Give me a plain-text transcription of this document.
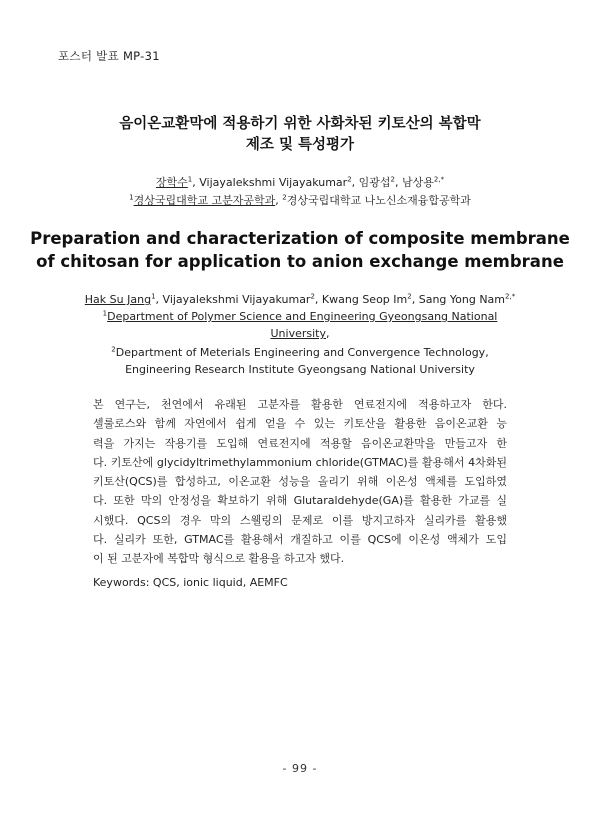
포스터 발표 MP-31
음이온교환막에 적용하기 위한 사화차된 키토산의 복합막
제조 및 특성평가
장학수$^1$, Vijayalekshmi Vijayakumar$^2$, 임광섭$^2$, 남상용$^{2,*}$
$^1$경상국립대학교 고분자공학과, $^2$경상국립대학교 나노신소재융합공학과
Preparation and characterization of composite membrane
of chitosan for application to anion exchange membrane
Hak Su Jang$^1$, Vijayalekshmi Vijayakumar$^2$, Kwang Seop Im$^2$, Sang Yong Nam$^{2,*}$
$^1$Department of Polymer Science and Engineering Gyeongsang National
University,
$^2$Department of Meterials Engineering and Convergence Technology,
Engineering Research Institute Gyeongsang National University
본 연구는, 천연에서 유래된 고분자를 활용한 연료전지에 적용하고자 한다.
셀룰로스와 함께 자연에서 쉽게 얻을 수 있는 키토산을 활용한 음이온교환 능
력을 가지는 작용기를 도입해 연료전지에 적용할 음이온교환막을 만들고자 한
다. 키토산에 glycidyltrimethylammonium chloride(GTMAC)를 활용해서 4차화된
키토산(QCS)를 합성하고, 이온교환 성능을 올리기 위해 이온성 액체를 도입하였
다. 또한 막의 안정성을 확보하기 위해 Glutaraldehyde(GA)를 활용한 가교를 실
시했다. QCS의 경우 막의 스웰링의 문제로 이를 방지고하자 실리카를 활용했
다. 실리카 또한, GTMAC를 활용해서 개질하고 이를 QCS에 이온성 액체가 도입
이 된 고분자에 복합막 형식으로 활용을 하고자 했다.
Keywords: QCS, ionic liquid, AEMFC
- 99 -
